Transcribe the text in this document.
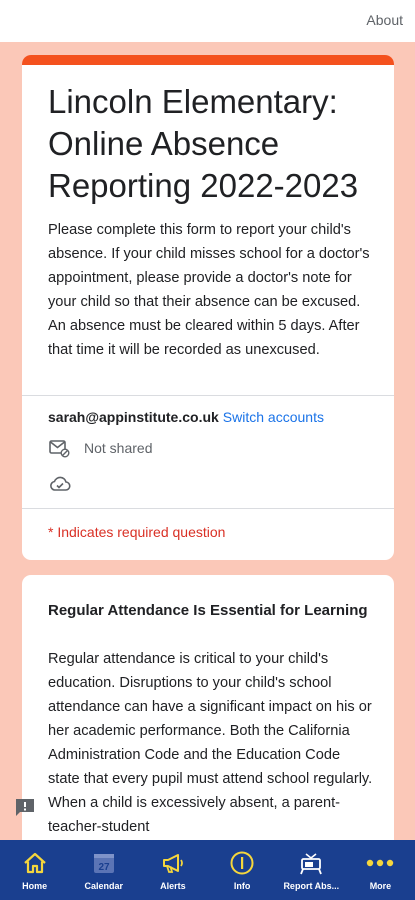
About
Lincoln Elementary: Online Absence Reporting 2022-2023
Please complete this form to report your child's absence. If your child misses school for a doctor's appointment, please provide a doctor's note for your child so that their absence can be excused. An absence must be cleared within 5 days. After that time it will be recorded as unexcused.
sarah@appinstitute.co.uk Switch accounts
Not shared
* Indicates required question
Regular Attendance Is Essential for Learning
Regular attendance is critical to your child's education. Disruptions to your child's school attendance can have a significant impact on his or her academic performance. Both the California Administration Code and the Education Code state that every pupil must attend school regularly. When a child is excessively absent, a parent-teacher-student
Home
27
Calendar	Alerts	Info	Report Abs...	More
